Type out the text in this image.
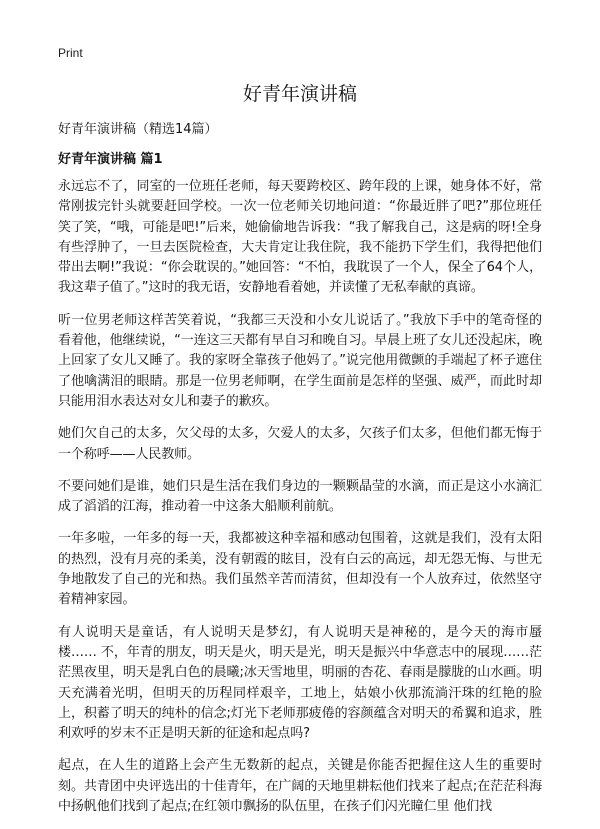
Print
好青年演讲稿
好青年演讲稿（精选14篇）
好青年演讲稿 篇1

永远忘不了，同室的一位班任老师，每天要跨校区、跨年段的上课，她身体不好，常常刚拔完针头就要赶回学校。一次一位老师关切地问道：“你最近胖了吧?”那位班任笑了笑，“哦，可能是吧!”后来，她偷偷地告诉我：“我了解我自己，这是病的呀!全身有些浮肿了，一旦去医院检查，大夫肯定让我住院，我不能扔下学生们，我得把他们带出去啊!”我说：“你会耽误的。”她回答：“不怕，我耽误了一个人，保全了64个人，我这辈子值了。”这时的我无语，安静地看着她，并读懂了无私奉献的真谛。

听一位男老师这样苦笑着说，“我都三天没和小女儿说话了。”我放下手中的笔奇怪的看着他，他继续说，“一连这三天都有早自习和晚自习。早晨上班了女儿还没起床，晚上回家了女儿又睡了。我的家呀全靠孩子他妈了。”说完他用微颤的手端起了杯子遮住了他噙满泪的眼睛。那是一位男老师啊，在学生面前是怎样的坚强、威严，而此时却只能用泪水表达对女儿和妻子的歉疚。

她们欠自己的太多，欠父母的太多，欠爱人的太多，欠孩子们太多，但他们都无悔于一个称呼——人民教师。

不要问她们是谁，她们只是生活在我们身边的一颗颗晶莹的水滴，而正是这小水滴汇成了滔滔的江海，推动着一中这条大船顺利前航。

一年多啦，一年多的每一天，我都被这种幸福和感动包围着，这就是我们，没有太阳的热烈，没有月亮的柔美，没有朝霞的眩目，没有白云的高远，却无怨无悔、与世无争地散发了自己的光和热。我们虽然辛苦而清贫，但却没有一个人放弃过，依然坚守着精神家园。

有人说明天是童话，有人说明天是梦幻，有人说明天是神秘的，是今天的海市蜃楼…… 不，年青的朋友，明天是火，明天是光，明天是振兴中华意志中的展现……茫茫黑夜里，明天是乳白色的晨曦;冰天雪地里，明丽的杏花、春雨是朦胧的山水画。明天充满着光明，但明天的历程同样艰辛，工地上，姑娘小伙那流淌汗珠的红艳的脸上，积蓄了明天的纯朴的信念;灯光下老师那疲倦的容颜蕴含对明天的希翼和追求，胜利欢呼的岁末不正是明天新的征途和起点吗?

起点，在人生的道路上会产生无数新的起点，关键是你能否把握住这人生的重要时刻。共青团中央评选出的十佳青年，在广阔的天地里耕耘他们找来了起点;在茫茫科海中扬帆他们找到了起点;在红领巾飘扬的队伍里，在孩子们闪光瞳仁里 他们找
